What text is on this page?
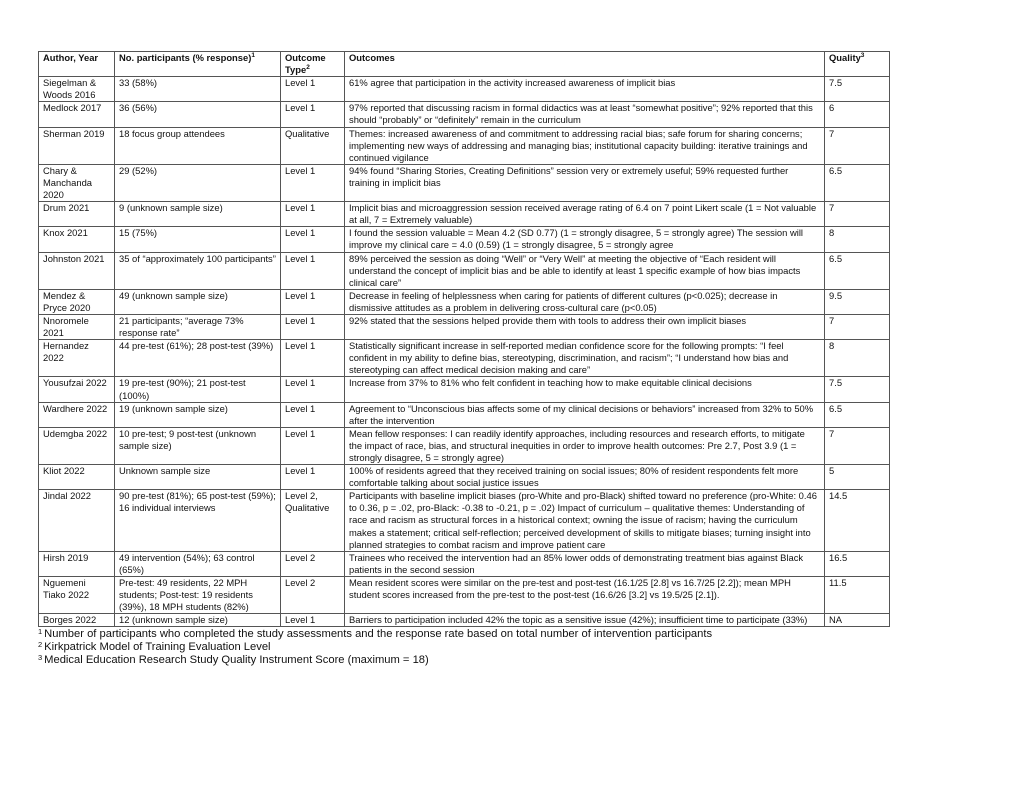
Author, Year	No. participants (% response)$^1$	Outcome Type$^2$	Outcomes	Quality$^3$
Siegelman & Woods 2016	33 (58%)	Level 1	61% agree that participation in the activity increased awareness of implicit bias	7.5
Medlock 2017	36 (56%)	Level 1	97% reported that discussing racism in formal didactics was at least “somewhat positive”; 92% reported that this should “probably” or “definitely” remain in the curriculum	6
Sherman 2019	18 focus group attendees	Qualitative	Themes: increased awareness of and commitment to addressing racial bias; safe forum for sharing concerns; implementing new ways of addressing and managing bias; institutional capacity building: iterative trainings and continued vigilance	7
Chary & Manchanda 2020	29 (52%)	Level 1	94% found “Sharing Stories, Creating Definitions” session very or extremely useful; 59% requested further training in implicit bias	6.5
Drum 2021	9 (unknown sample size)	Level 1	Implicit bias and microaggression session received average rating of 6.4 on 7 point Likert scale (1 = Not valuable at all, 7 = Extremely valuable)	7
Knox 2021	15 (75%)	Level 1	I found the session valuable = Mean 4.2 (SD 0.77) (1 = strongly disagree, 5 = strongly agree) The session will improve my clinical care = 4.0 (0.59) (1 = strongly disagree, 5 = strongly agree	8
Johnston 2021	35 of “approximately 100 participants”	Level 1	89% perceived the session as doing “Well” or “Very Well” at meeting the objective of “Each resident will understand the concept of implicit bias and be able to identify at least 1 specific example of how bias impacts clinical care”	6.5
Mendez & Pryce 2020	49 (unknown sample size)	Level 1	Decrease in feeling of helplessness when caring for patients of different cultures (p<0.025); decrease in dismissive attitudes as a problem in delivering cross-cultural care (p<0.05)	9.5
Nnoromele 2021	21 participants; “average 73% response rate”	Level 1	92% stated that the sessions helped provide them with tools to address their own implicit biases	7
Hernandez 2022	44 pre-test (61%); 28 post-test (39%)	Level 1	Statistically significant increase in self-reported median confidence score for the following prompts: “I feel confident in my ability to define bias, stereotyping, discrimination, and racism”; “I understand how bias and stereotyping can affect medical decision making and care”	8
Yousufzai 2022	19 pre-test (90%); 21 post-test (100%)	Level 1	Increase from 37% to 81% who felt confident in teaching how to make equitable clinical decisions	7.5
Wardhere 2022	19 (unknown sample size)	Level 1	Agreement to “Unconscious bias affects some of my clinical decisions or behaviors” increased from 32% to 50% after the intervention	6.5
Udemgba 2022	10 pre-test; 9 post-test (unknown sample size)	Level 1	Mean fellow responses: I can readily identify approaches, including resources and research efforts, to mitigate the impact of race, bias, and structural inequities in order to improve health outcomes: Pre 2.7, Post 3.9 (1 = strongly disagree, 5 = strongly agree)	7
Kliot 2022	Unknown sample size	Level 1	100% of residents agreed that they received training on social issues; 80% of resident respondents felt more comfortable talking about social justice issues	5
Jindal 2022	90 pre-test (81%); 65 post-test (59%); 16 individual interviews	Level 2, Qualitative	Participants with baseline implicit biases (pro-White and pro-Black) shifted toward no preference (pro-White: 0.46 to 0.36, p = .02, pro-Black: -0.38 to -0.21, p = .02) Impact of curriculum – qualitative themes: Understanding of race and racism as structural forces in a historical context; owning the issue of racism; having the curriculum makes a statement; critical self-reflection; perceived development of skills to mitigate biases; turning insight into planned strategies to combat racism and improve patient care	14.5
Hirsh 2019	49 intervention (54%); 63 control (65%)	Level 2	Trainees who received the intervention had an 85% lower odds of demonstrating treatment bias against Black patients in the second session	16.5
Nguemeni Tiako 2022	Pre-test: 49 residents, 22 MPH students; Post-test: 19 residents (39%), 18 MPH students (82%)	Level 2	Mean resident scores were similar on the pre-test and post-test (16.1/25 [2.8] vs 16.7/25 [2.2]); mean MPH student scores increased from the pre-test to the post-test (16.6/26 [3.2] vs 19.5/25 [2.1]).	11.5
Borges 2022	12 (unknown sample size)	Level 1	Barriers to participation included 42% the topic as a sensitive issue (42%); insufficient time to participate (33%)	NA
$^1$ Number of participants who completed the study assessments and the response rate based on total number of intervention participants
$^2$ Kirkpatrick Model of Training Evaluation Level
$^3$ Medical Education Research Study Quality Instrument Score (maximum = 18)
